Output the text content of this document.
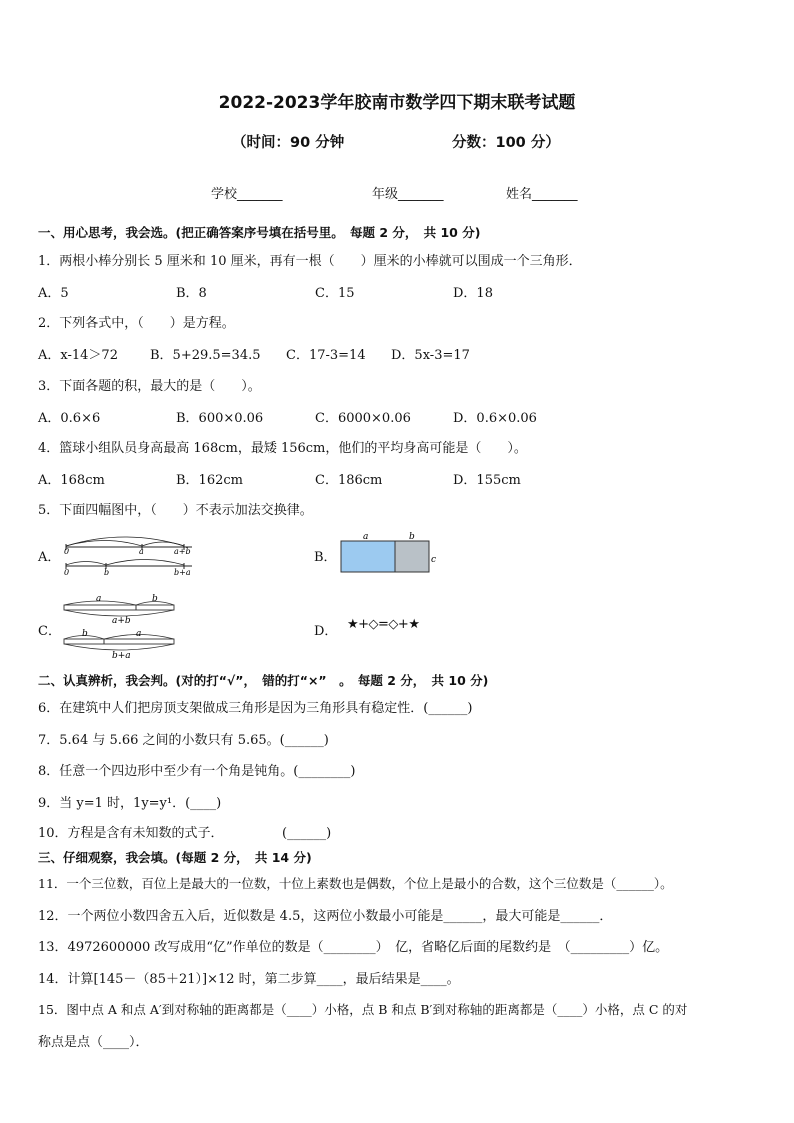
2022-2023学年胶南市数学四下期末联考试题
（时间：90 分钟	分数：100 分）
学校_______	年级_______	姓名_______
一、用心思考，我会选。(把正确答案序号填在括号里。　每题 2 分，　共 10 分)
1．两根小棒分别长 5 厘米和 10 厘米，再有一根（　　）厘米的小棒就可以围成一个三角形．
A．5	B．8	C．15	D．18
2．下列各式中，（　　）是方程。
A．x-14＞72 B．5+29.5=34.5 C．17-3=14 D．5x-3=17
3．下面各题的积，最大的是（　　）。
A．0.6×6	B．600×0.06	C．6000×0.06	D．0.6×0.06
4．篮球小组队员身高最高 168cm，最矮 156cm，他们的平均身高可能是（　　）。
A．168cm	B．162cm	C．186cm	D．155cm
5．下面四幅图中，（　　）不表示加法交换律。
A． 0	a	a+b
0	b	b+a
B．
a	b
c
C．
a	b
a+b
b	a
b+a
D． ★+◇=◇+★
二、认真辨析，我会判。(对的打“√”，　错的打“×”　。　每题 2 分，　共 10 分)
6．在建筑中人们把房顶支架做成三角形是因为三角形具有稳定性．(______)
7．5.64 与 5.66 之间的小数只有 5.65。(______)
8．任意一个四边形中至少有一个角是钝角。(________)
9．当 y=1 时，1y=y¹．(____)
10．方程是含有未知数的式子．　　　　　(______)
三、仔细观察，我会填。(每题 2 分，　共 14 分)
11．一个三位数，百位上是最大的一位数，十位上素数也是偶数，个位上是最小的合数，这个三位数是（______）。
12．一个两位小数四舍五入后，近似数是 4.5，这两位小数最小可能是______，最大可能是______．
13．4972600000 改写成用“亿”作单位的数是（________）　亿，省略亿后面的尾数约是　（_________）亿。
14．计算[145－（85＋21）]×12 时，第二步算____，最后结果是____。
15．图中点 A 和点 A′到对称轴的距离都是（____）小格，点 B 和点 B′到对称轴的距离都是（____）小格，点 C 的对
称点是点（____）．
